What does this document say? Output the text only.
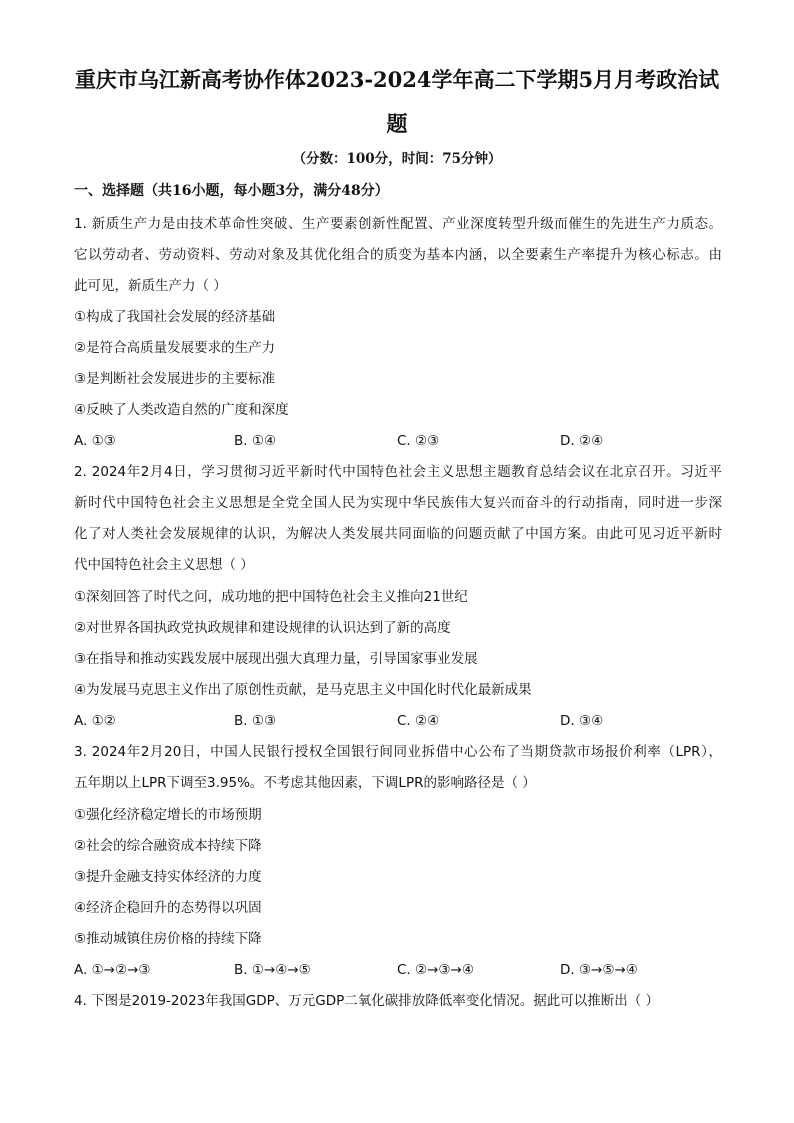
重庆市乌江新高考协作体2023-2024学年高二下学期5月月考政治试
题
（分数：100分，时间：75分钟）
一、选择题（共16小题，每小题3分，满分48分）
1. 新质生产力是由技术革命性突破、生产要素创新性配置、产业深度转型升级而催生的先进生产力质态。
它以劳动者、劳动资料、劳动对象及其优化组合的质变为基本内涵，以全要素生产率提升为核心标志。由
此可见，新质生产力（ ）
①构成了我国社会发展的经济基础
②是符合高质量发展要求的生产力
③是判断社会发展进步的主要标准
④反映了人类改造自然的广度和深度
A. ①③	B. ①④	C. ②③	D. ②④
2. 2024年2月4日，学习贯彻习近平新时代中国特色社会主义思想主题教育总结会议在北京召开。习近平
新时代中国特色社会主义思想是全党全国人民为实现中华民族伟大复兴而奋斗的行动指南，同时进一步深
化了对人类社会发展规律的认识，为解决人类发展共同面临的问题贡献了中国方案。由此可见习近平新时
代中国特色社会主义思想（ ）
①深刻回答了时代之问，成功地的把中国特色社会主义推向21世纪
②对世界各国执政党执政规律和建设规律的认识达到了新的高度
③在指导和推动实践发展中展现出强大真理力量，引导国家事业发展
④为发展马克思主义作出了原创性贡献，是马克思主义中国化时代化最新成果
A. ①②	B. ①③	C. ②④	D. ③④
3. 2024年2月20日，中国人民银行授权全国银行间同业拆借中心公布了当期贷款市场报价利率（LPR），
五年期以上LPR下调至3.95%。不考虑其他因素，下调LPR的影响路径是（ ）
①强化经济稳定增长的市场预期
②社会的综合融资成本持续下降
③提升金融支持实体经济的力度
④经济企稳回升的态势得以巩固
⑤推动城镇住房价格的持续下降
A. ①→②→③	B. ①→④→⑤	C. ②→③→④	D. ③→⑤→④
4. 下图是2019-2023年我国GDP、万元GDP二氧化碳排放降低率变化情况。据此可以推断出（ ）
